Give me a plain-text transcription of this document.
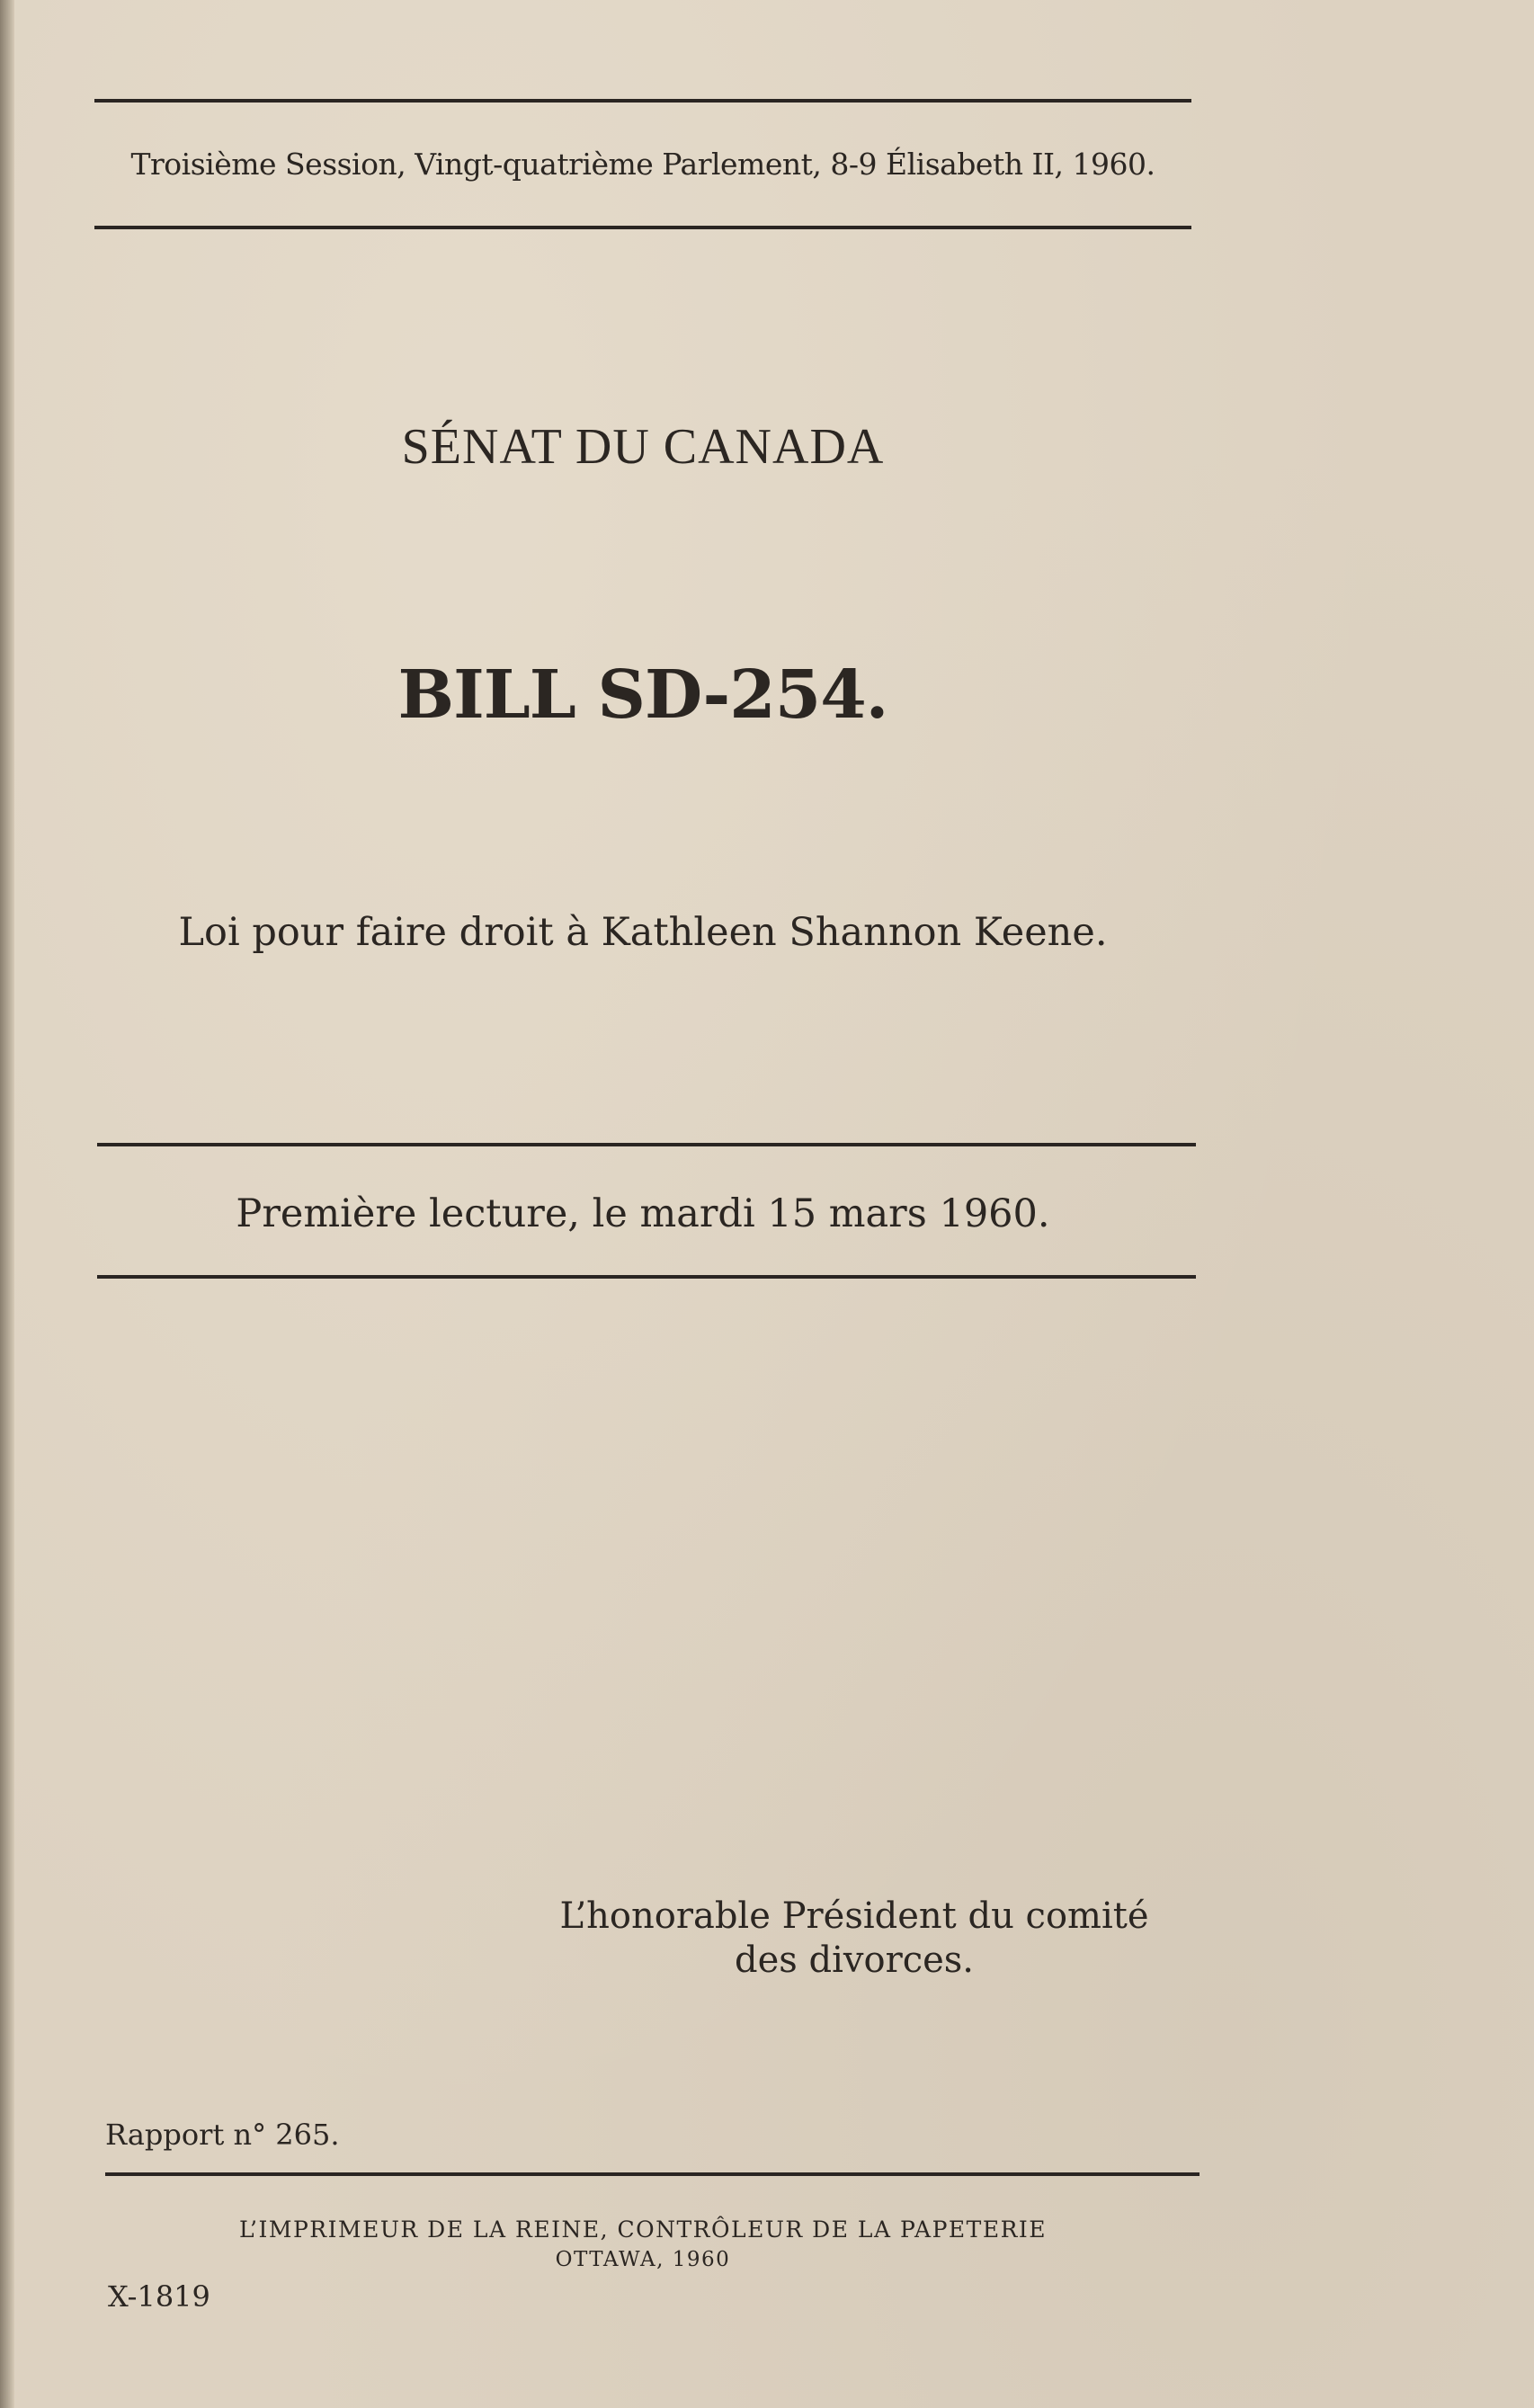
Troisième Session, Vingt-quatrième Parlement, 8-9 Élisabeth II, 1960.
SÉNAT DU CANADA
BILL SD-254.
Loi pour faire droit à Kathleen Shannon Keene.
Première lecture, le mardi 15 mars 1960.
L’honorable Président du comité
des divorces.
Rapport n° 265.
L’IMPRIMEUR DE LA REINE, CONTRÔLEUR DE LA PAPETERIE
OTTAWA, 1960
X-1819
